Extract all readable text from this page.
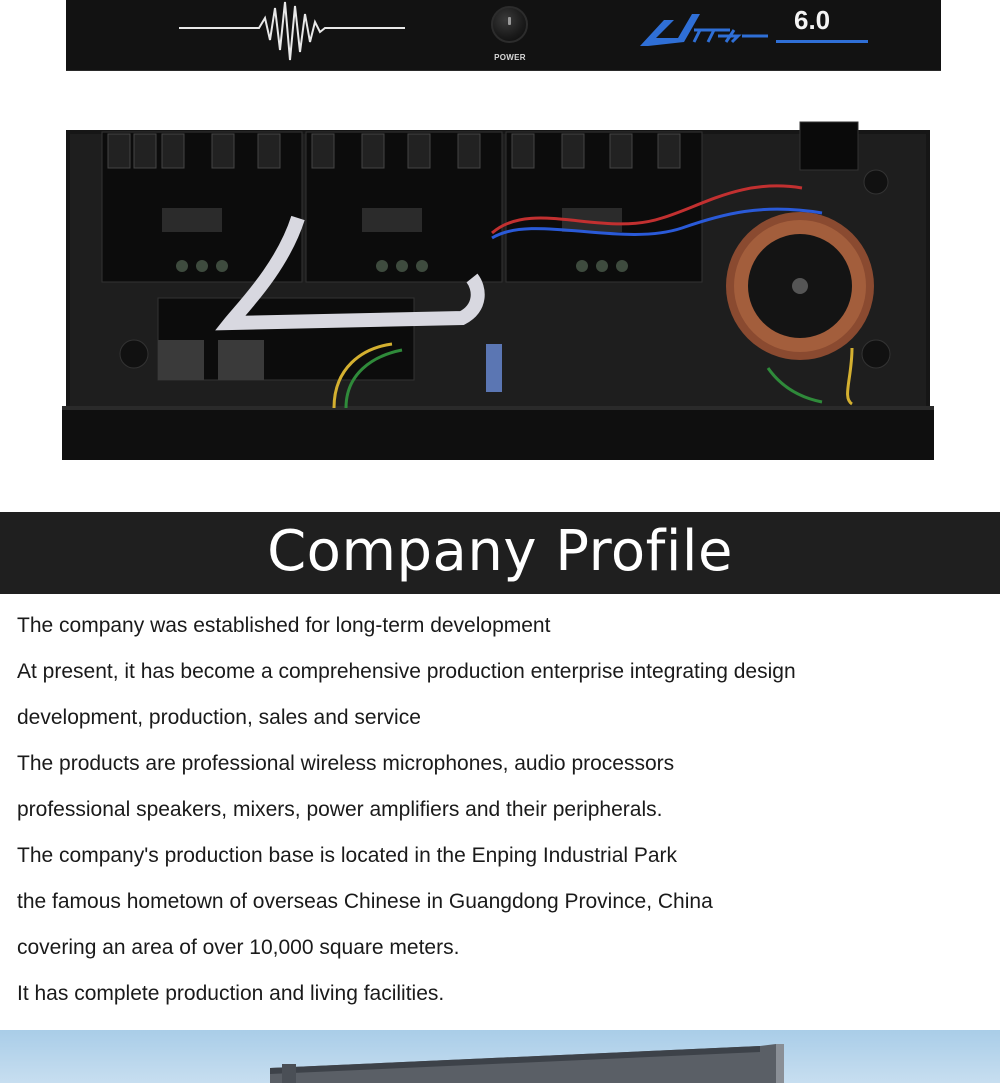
POWER
6.0
Company Profile
The company was established for long-term development
At present, it has become a comprehensive production enterprise integrating design
development, production, sales and service
The products are professional wireless microphones, audio processors
professional speakers, mixers, power amplifiers and their peripherals.
The company's production base is located in the Enping Industrial Park
the famous hometown of overseas Chinese in Guangdong Province, China
covering an area of over 10,000 square meters.
It has complete production and living facilities.
